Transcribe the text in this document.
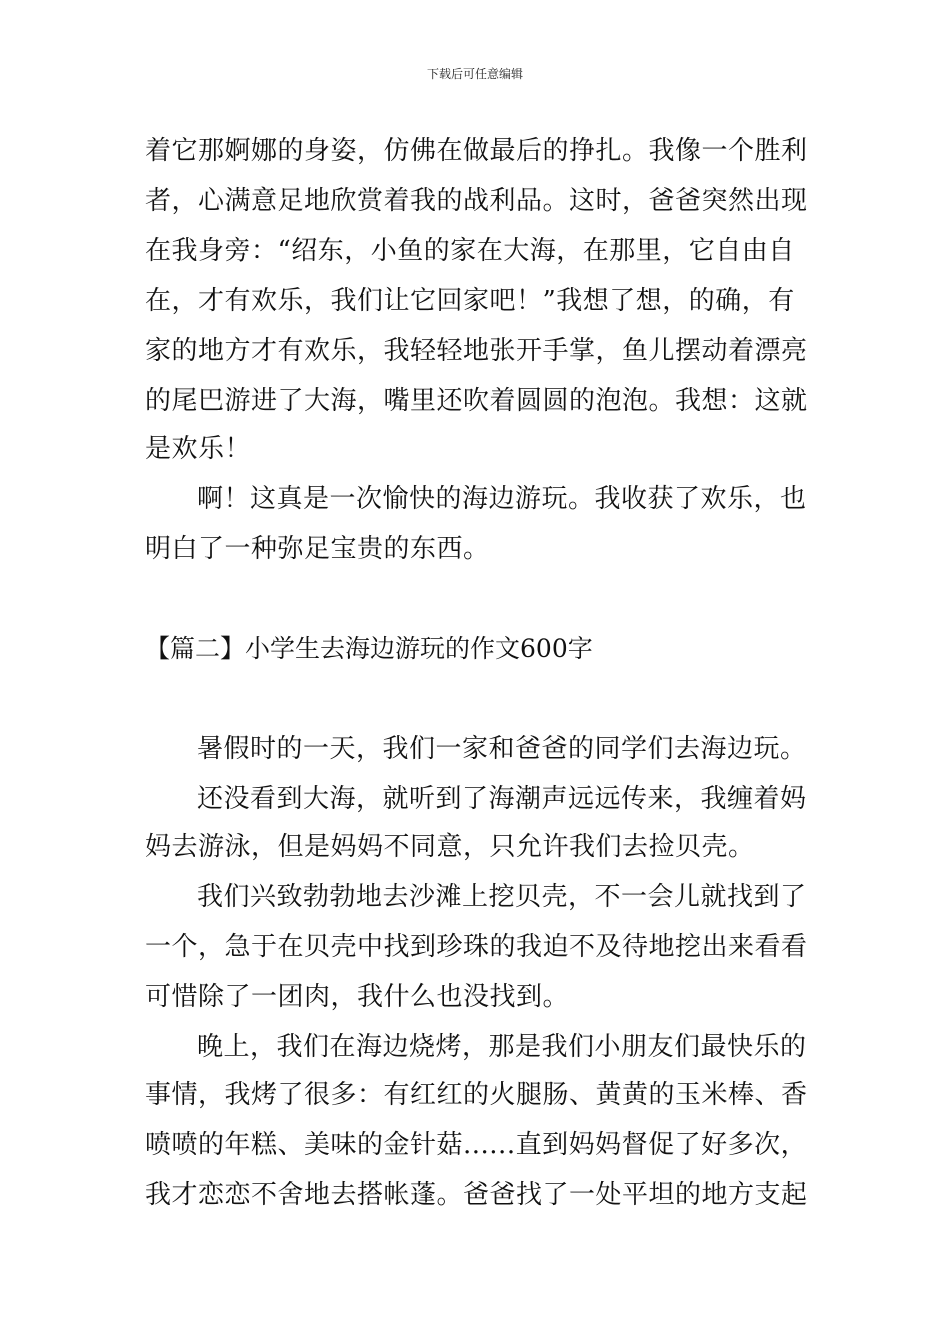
下载后可任意编辑
着它那婀娜的身姿，仿佛在做最后的挣扎。我像一个胜利
者，心满意足地欣赏着我的战利品。这时，爸爸突然出现
在我身旁：“绍东，小鱼的家在大海，在那里，它自由自
在，才有欢乐，我们让它回家吧！”我想了想，的确，有
家的地方才有欢乐，我轻轻地张开手掌，鱼儿摆动着漂亮
的尾巴游进了大海，嘴里还吹着圆圆的泡泡。我想：这就
是欢乐！
啊！这真是一次愉快的海边游玩。我收获了欢乐，也
明白了一种弥足宝贵的东西。
【篇二】小学生去海边游玩的作文600字
暑假时的一天，我们一家和爸爸的同学们去海边玩。
还没看到大海，就听到了海潮声远远传来，我缠着妈
妈去游泳，但是妈妈不同意，只允许我们去捡贝壳。
我们兴致勃勃地去沙滩上挖贝壳，不一会儿就找到了
一个，急于在贝壳中找到珍珠的我迫不及待地挖出来看看
可惜除了一团肉，我什么也没找到。
晚上，我们在海边烧烤，那是我们小朋友们最快乐的
事情，我烤了很多：有红红的火腿肠、黄黄的玉米棒、香
喷喷的年糕、美味的金针菇......直到妈妈督促了好多次，
我才恋恋不舍地去搭帐蓬。爸爸找了一处平坦的地方支起
